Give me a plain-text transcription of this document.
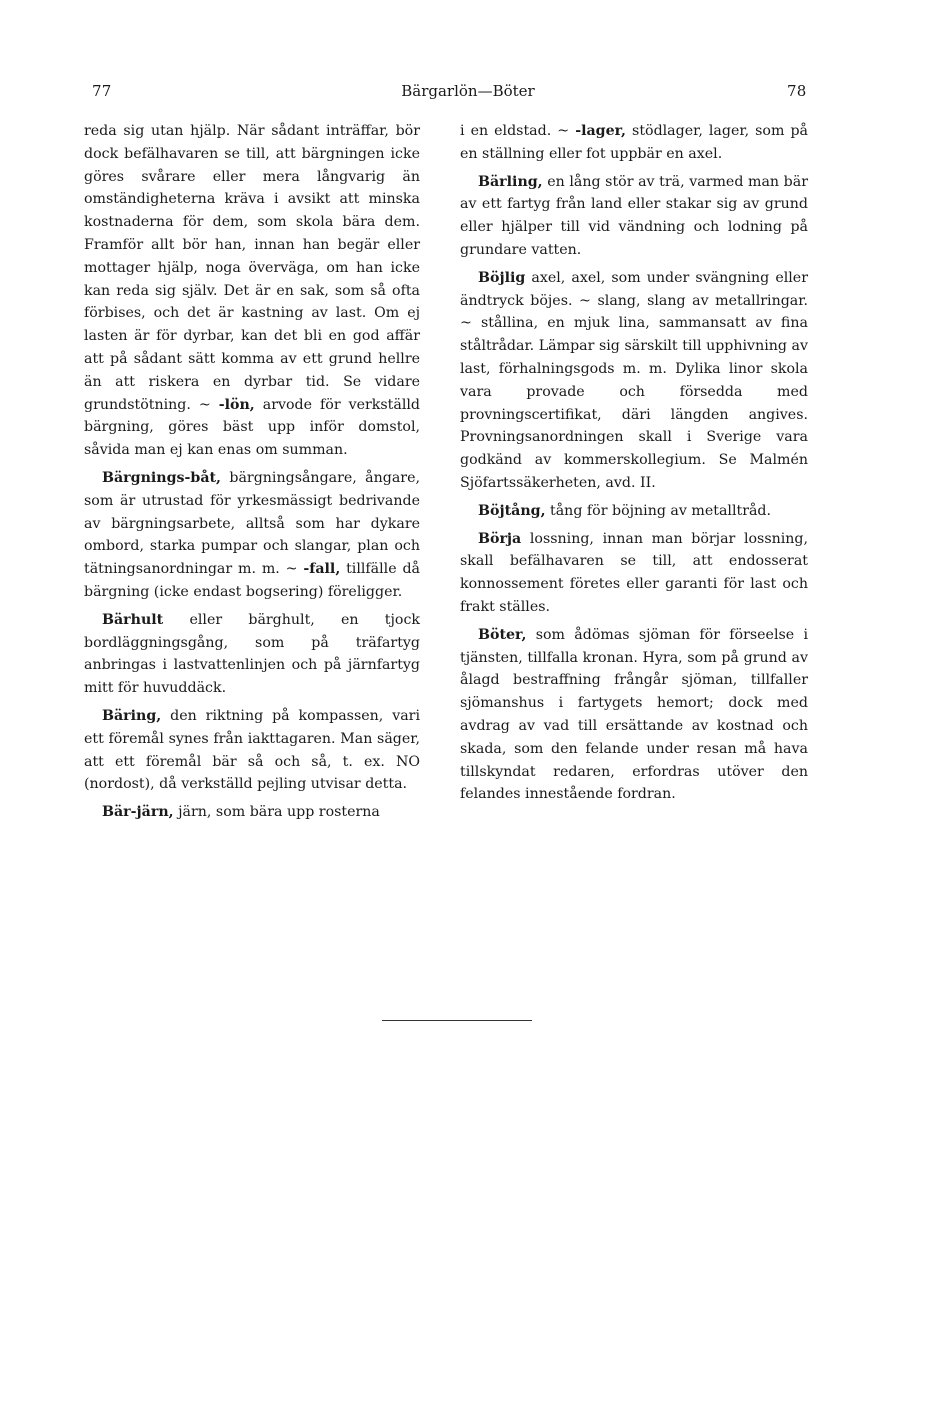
77	Bärgarlön—Böter	78

reda sig utan hjälp. När sådant inträffar, bör dock befälhavaren se till, att bärgningen icke göres svårare eller mera långvarig än omständigheterna kräva i avsikt att minska kostnaderna för dem, som skola bära dem. Framför allt bör han, innan han begär eller mottager hjälp, noga överväga, om han icke kan reda sig själv. Det är en sak, som så ofta förbises, och det är kastning av last. Om ej lasten är för dyrbar, kan det bli en god affär att på sådant sätt komma av ett grund hellre än att riskera en dyrbar tid. Se vidare grundstötning. ~ -lön, arvode för verkställd bärgning, göres bäst upp inför domstol, såvida man ej kan enas om summan.

Bärgnings-båt, bärgningsångare, ångare, som är utrustad för yrkesmässigt bedrivande av bärgningsarbete, alltså som har dykare ombord, starka pumpar och slangar, plan och tätningsanordningar m. m. ~ -fall, tillfälle då bärgning (icke endast bogsering) föreligger.

Bärhult eller bärghult, en tjock bordläggningsgång, som på träfartyg anbringas i lastvattenlinjen och på järnfartyg mitt för huvuddäck.

Bäring, den riktning på kompassen, vari ett föremål synes från iakttagaren. Man säger, att ett föremål bär så och så, t. ex. NO (nordost), då verkställd pejling utvisar detta.

Bär-järn, järn, som bära upp rosterna

i en eldstad. ~ -lager, stödlager, lager, som på en ställning eller fot uppbär en axel.

Bärling, en lång stör av trä, varmed man bär av ett fartyg från land eller stakar sig av grund eller hjälper till vid vändning och lodning på grundare vatten.

Böjlig axel, axel, som under svängning eller ändtryck böjes. ~ slang, slang av metallringar. ~ stållina, en mjuk lina, sammansatt av fina ståltrådar. Lämpar sig särskilt till upphivning av last, förhalningsgods m. m. Dylika linor skola vara provade och försedda med provningscertifikat, däri längden angives. Provningsanordningen skall i Sverige vara godkänd av kommerskollegium. Se Malmén Sjöfartssäkerheten, avd. II.

Böjtång, tång för böjning av metalltråd.

Börja lossning, innan man börjar lossning, skall befälhavaren se till, att endosserat konnossement företes eller garanti för last och frakt ställes.

Böter, som ådömas sjöman för förseelse i tjänsten, tillfalla kronan. Hyra, som på grund av ålagd bestraffning frångår sjöman, tillfaller sjömanshus i fartygets hemort; dock med avdrag av vad till ersättande av kostnad och skada, som den felande under resan må hava tillskyndat redaren, erfordras utöver den felandes innestående fordran.
